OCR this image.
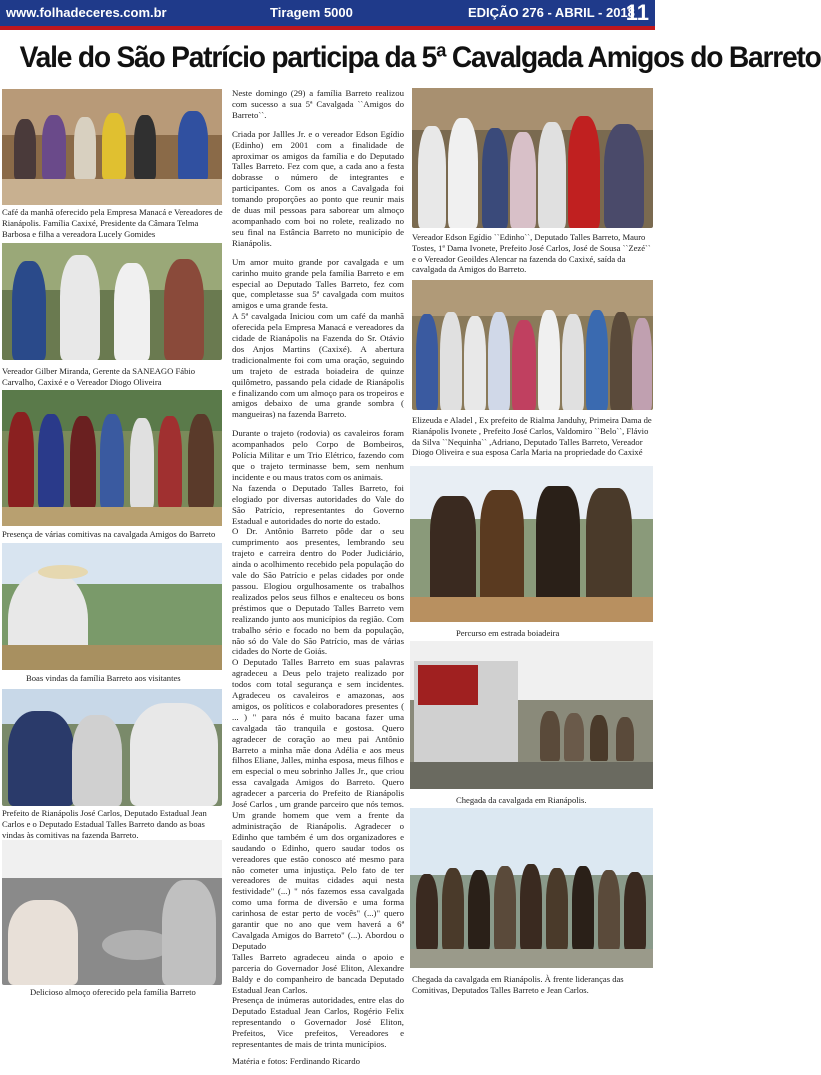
www.folhadeceres.com.br	Tiragem 5000	EDIÇÃO 276 - ABRIL - 2018
11
Vale do São Patrício participa da 5ª Cavalgada Amigos do Barreto
Café da manhã oferecido pela Empresa Manacá e Vereadores de Rianápolis. Família Caxixé, Presidente da Câmara Telma Barbosa e filha a vereadora Lucely Gomides
Vereador Gilber Miranda, Gerente da SANEAGO Fábio Carvalho, Caxixé e o Vereador Diogo Oliveira
Presença de várias comitivas na cavalgada Amigos do Barreto
Boas vindas da família Barreto aos visitantes
Prefeito de Rianápolis José Carlos, Deputado Estadual Jean Carlos e o Deputado Estadual Talles Barreto dando as boas vindas às comitivas na fazenda Barreto.
Delicioso almoço oferecido pela família Barreto

Neste domingo (29) a família Barreto realizou com sucesso a sua 5ª Cavalgada ``Amigos do Barreto``.

Criada por Jallles Jr. e o vereador Edson Egídio (Edinho) em 2001 com a finalidade de aproximar os amigos da família e do Deputado Talles Barreto. Fez com que, a cada ano a festa dobrasse o número de integrantes e participantes. Com os anos a Cavalgada foi tomando proporções ao ponto que reunir mais de duas mil pessoas para saborear um almoço acompanhado com boi no rolete, realizado no seu final na Estância Barreto no município de Rianápolis.

Um amor muito grande por cavalgada e um carinho muito grande pela família Barreto e em especial ao Deputado Talles Barreto, fez com que, completasse sua 5ª cavalgada com muitos amigos e uma grande festa.

A 5ª cavalgada Iniciou com um café da manhã oferecida pela Empresa Manacá e vereadores da cidade de Rianápolis na Fazenda do Sr. Otávio dos Anjos Martins (Caxixé). A abertura tradicionalmente foi com uma oração, seguindo um trajeto de estrada boiadeira de quinze quilômetro, passando pela cidade de Rianápolis e finalizando com um almoço para os tropeiros e amigos debaixo de uma grande sombra ( mangueiras) na fazenda Barreto.

Durante o trajeto (rodovia) os cavaleiros foram acompanhados pelo Corpo de Bombeiros, Polícia Militar e um Trio Elétrico, fazendo com que o trajeto terminasse bem, sem nenhum incidente e ou maus tratos com os animais.

Na fazenda o Deputado Talles Barreto, foi elogiado por diversas autoridades do Vale do São Patrício, representantes do Governo Estadual e autoridades do norte do estado.

O Dr. Antônio Barreto pôde dar o seu cumprimento aos presentes, lembrando seu trajeto e carreira dentro do Poder Judiciário, ainda o acolhimento recebido pela população do vale do São Patrício e pelas cidades por onde passou. Elogiou orgulhosamente os trabalhos realizados pelos seus filhos e enalteceu os bons préstimos que o Deputado Talles Barreto vem realizando junto aos municípios da região. Com trabalho sério e focado no bem da população, não só do Vale do São Patrício, mas de várias cidades do Norte de Goiás.

O Deputado Talles Barreto em suas palavras agradeceu a Deus pelo trajeto realizado por todos com total segurança e sem incidentes. Agradeceu os cavaleiros e amazonas, aos amigos, os políticos e colaboradores presentes ( ... ) " para nós é muito bacana fazer uma cavalgada tão tranquila e gostosa. Quero agradecer de coração ao meu pai Antônio Barreto a minha mãe dona Adélia e aos meus filhos Eliane, Jalles, minha esposa, meus filhos e em especial o meu sobrinho Jalles Jr., que criou essa cavalgada Amigos do Barreto. Quero agradecer a parceria do Prefeito de Rianápolis José Carlos , um grande parceiro que nós temos. Um grande homem que vem a frente da administração de Rianápolis. Agradecer o Edinho que também é um dos organizadores e saudando o Edinho, quero saudar todos os vereadores que estão conosco até mesmo para não cometer uma injustiça. Pelo fato de ter vereadores de muitas cidades aqui nesta festividade" (...) " nós fazemos essa cavalgada como uma forma de diversão e uma forma carinhosa de estar perto de vocês" (...)" quero garantir que no ano que vem haverá a 6ª Cavalgada Amigos do Barreto" (...). Abordou o Deputado

Talles Barreto agradeceu ainda o apoio e parceria do Governador José Eliton, Alexandre Baldy e do companheiro de bancada Deputado Estadual Jean Carlos.

Presença de inúmeras autoridades, entre elas do Deputado Estadual Jean Carlos, Rogério Felix representando o Governador José Eliton, Prefeitos, Vice prefeitos, Vereadores e representantes de mais de trinta municípios.

Matéria e fotos: Ferdinando Ricardo

Vereador Edson Egídio ``Edinho``, Deputado Talles Barreto, Mauro Tostes, 1ª Dama Ivonete, Prefeito José Carlos, José de Sousa ``Zezé`` e o Vereador Geoildes Alencar na fazenda do Caxixé, saída da cavalgada da Amigos do Barreto.
Elizeuda e Aladel , Ex prefeito de Rialma Janduhy, Primeira Dama de Rianápolis Ivonete , Prefeito José Carlos, Valdomiro ``Belo``, Flávio da Silva ``Nequinha`` ,Adriano, Deputado Talles Barreto, Vereador Diogo Oliveira e sua esposa Carla Maria na propriedade do Caxixé
Percurso em estrada boiadeira
Chegada da cavalgada em Rianápolis.
Chegada da cavalgada em Rianápolis. À frente lideranças das Comitivas, Deputados Talles Barreto e Jean Carlos.
